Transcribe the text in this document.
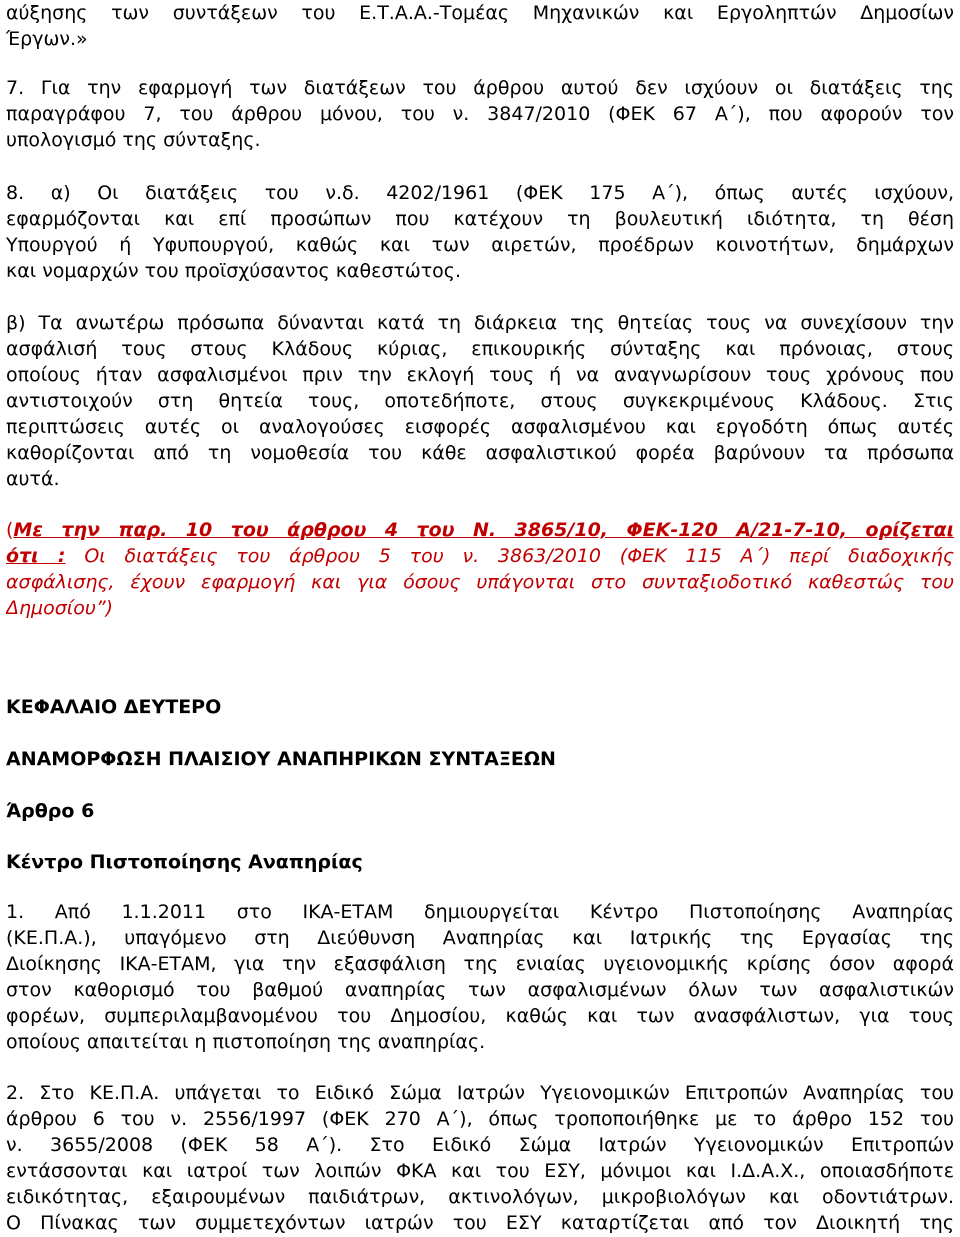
αύξησης των συντάξεων του Ε.Τ.Α.Α.-Τομέας Μηχανικών και Εργοληπτών Δημοσίων
Έργων.»
7. Για την εφαρμογή των διατάξεων του άρθρου αυτού δεν ισχύουν οι διατάξεις της
παραγράφου 7, του άρθρου μόνου, του ν. 3847/2010 (ΦΕΚ 67 Α΄), που αφορούν τον
υπολογισμό της σύνταξης.
8. α) Οι διατάξεις του ν.δ. 4202/1961 (ΦΕΚ 175 Α΄), όπως αυτές ισχύουν,
εφαρμόζονται και επί προσώπων που κατέχουν τη βουλευτική ιδιότητα, τη θέση
Υπουργού ή Υφυπουργού, καθώς και των αιρετών, προέδρων κοινοτήτων, δημάρχων
και νομαρχών του προϊσχύσαντος καθεστώτος.
β) Τα ανωτέρω πρόσωπα δύνανται κατά τη διάρκεια της θητείας τους να συνεχίσουν την
ασφάλισή τους στους Κλάδους κύριας, επικουρικής σύνταξης και πρόνοιας, στους
οποίους ήταν ασφαλισμένοι πριν την εκλογή τους ή να αναγνωρίσουν τους χρόνους που
αντιστοιχούν στη θητεία τους, οποτεδήποτε, στους συγκεκριμένους Κλάδους. Στις
περιπτώσεις αυτές οι αναλογούσες εισφορές ασφαλισμένου και εργοδότη όπως αυτές
καθορίζονται από τη νομοθεσία του κάθε ασφαλιστικού φορέα βαρύνουν τα πρόσωπα
αυτά.
(Με την παρ. 10 του άρθρου 4 του Ν. 3865/10, ΦΕΚ-120 Α/21-7-10, ορίζεται
ότι : Οι διατάξεις του άρθρου 5 του ν. 3863/2010 (ΦΕΚ 115 Α΄) περί διαδοχικής
ασφάλισης, έχουν εφαρμογή και για όσους υπάγονται στο συνταξιοδοτικό καθεστώς του
Δημοσίου”)
ΚΕΦΑΛΑΙΟ ΔΕΥΤΕΡΟ
ΑΝΑΜΟΡΦΩΣΗ ΠΛΑΙΣΙΟΥ ΑΝΑΠΗΡΙΚΩΝ ΣΥΝΤΑΞΕΩΝ
Άρθρο 6
Κέντρο Πιστοποίησης Αναπηρίας
1. Από 1.1.2011 στο ΙΚΑ-ΕΤΑΜ δημιουργείται Κέντρο Πιστοποίησης Αναπηρίας
(ΚΕ.Π.Α.), υπαγόμενο στη Διεύθυνση Αναπηρίας και Ιατρικής της Εργασίας της
Διοίκησης ΙΚΑ-ΕΤΑΜ, για την εξασφάλιση της ενιαίας υγειονομικής κρίσης όσον αφορά
στον καθορισμό του βαθμού αναπηρίας των ασφαλισμένων όλων των ασφαλιστικών
φορέων, συμπεριλαμβανομένου του Δημοσίου, καθώς και των ανασφάλιστων, για τους
οποίους απαιτείται η πιστοποίηση της αναπηρίας.
2. Στο ΚΕ.Π.Α. υπάγεται το Ειδικό Σώμα Ιατρών Υγειονομικών Επιτροπών Αναπηρίας του
άρθρου 6 του ν. 2556/1997 (ΦΕΚ 270 Α΄), όπως τροποποιήθηκε με το άρθρο 152 του
ν. 3655/2008 (ΦΕΚ 58 Α΄). Στο Ειδικό Σώμα Ιατρών Υγειονομικών Επιτροπών
εντάσσονται και ιατροί των λοιπών ΦΚΑ και του ΕΣΥ, μόνιμοι και Ι.Δ.Α.Χ., οποιασδήποτε
ειδικότητας, εξαιρουμένων παιδιάτρων, ακτινολόγων, μικροβιολόγων και οδοντιάτρων.
Ο Πίνακας των συμμετεχόντων ιατρών του ΕΣΥ καταρτίζεται από τον Διοικητή της
